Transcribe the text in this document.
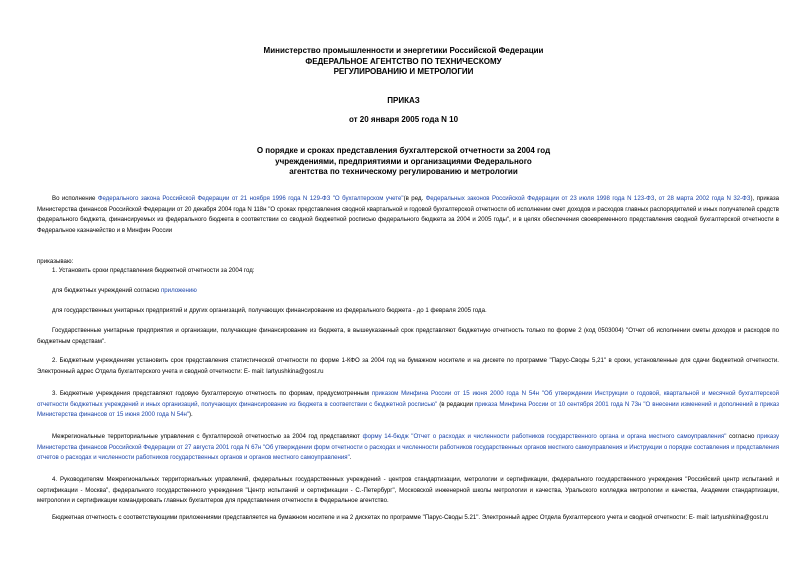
Министерство промышленности и энергетики Российской Федерации
ФЕДЕРАЛЬНОЕ АГЕНТСТВО ПО ТЕХНИЧЕСКОМУ
РЕГУЛИРОВАНИЮ И МЕТРОЛОГИИ
ПРИКАЗ
от 20 января 2005 года N 10
О порядке и сроках представления бухгалтерской отчетности за 2004 год
учреждениями, предприятиями и организациями Федерального
агентства по техническому регулированию и метрологии

Во исполнение Федерального закона Российской Федерации от 21 ноября 1996 года N 129-ФЗ "О бухгалтерском учете"(в ред. Федеральных законов Российской Федерации от 23 июля 1998 года N 123-ФЗ, от 28 марта 2002 года N 32-ФЗ), приказа Министерства финансов Российской Федерации от 20 декабря 2004 года N 118н "О сроках представления сводной квартальной и годовой бухгалтерской отчетности об исполнении смет доходов и расходов главных распорядителей и иных получателей средств федерального бюджета, финансируемых из федерального бюджета в соответствии со сводной бюджетной росписью федерального бюджета за 2004 и 2005 годы", и в целях обеспечения своевременного представления сводной бухгалтерской отчетности в Федеральное казначейство и в Минфин России

приказываю:

1. Установить сроки представления бюджетной отчетности за 2004 год:

для бюджетных учреждений согласно приложению

для государственных унитарных предприятий и других организаций, получающих финансирование из федерального бюджета - до 1 февраля 2005 года.

Государственные унитарные предприятия и организации, получающие финансирование из бюджета, в вышеуказанный срок представляют бюджетную отчетность только по форме 2 (код 0503004) "Отчет об исполнении сметы доходов и расходов по бюджетным средствам".

2. Бюджетным учреждениям установить срок представления статистической отчетности по форме 1-КФО за 2004 год на бумажном носителе и на дискете по программе "Парус-Своды 5,21" в сроки, установленные для сдачи бюджетной отчетности. Электронный адрес Отдела бухгалтерского учета и сводной отчетности: E- mail: lartyushkina@gost.ru

3. Бюджетные учреждения представляют годовую бухгалтерскую отчетность по формам, предусмотренным приказом Минфина России от 15 июня 2000 года N 54н "Об утверждении Инструкции о годовой, квартальной и месячной бухгалтерской отчетности бюджетных учреждений и иных организаций, получающих финансирование из бюджета в соответствии с бюджетной росписью" (в редакции приказа Минфина России от 10 сентября 2001 года N 73н "О внесении изменений и дополнений в приказ Министерства финансов от 15 июня 2000 года N 54н").

Межрегиональные территориальные управления с бухгалтерской отчетностью за 2004 год представляют форму 14-бюдж "Отчет о расходах и численности работников государственного органа и органа местного самоуправления" согласно приказу Министерства финансов Российской Федерации от 27 августа 2001 года N 67н "Об утверждении форм отчетности о расходах и численности работников государственных органов местного самоуправления и Инструкции о порядке составления и представления отчетов о расходах и численности работников государственных органов и органов местного самоуправления".

4. Руководителям Межрегиональных территориальных управлений, федеральных государственных учреждений - центров стандартизации, метрологии и сертификации, федерального государственного учреждения "Российский центр испытаний и сертификации - Москва", федерального государственного учреждения "Центр испытаний и сертификации - С.-Петербург", Московской инженерной школы метрологии и качества, Уральского колледжа метрологии и качества, Академии стандартизации, метрологии и сертификации командировать главных бухгалтеров для представления отчетности в Федеральное агентство.

Бюджетная отчетность с соответствующими приложениями представляется на бумажном носителе и на 2 дискетах по программе "Парус-Своды 5.21". Электронный адрес Отдела бухгалтерского учета и сводной отчетности: E- mail: lartyushkina@gost.ru
